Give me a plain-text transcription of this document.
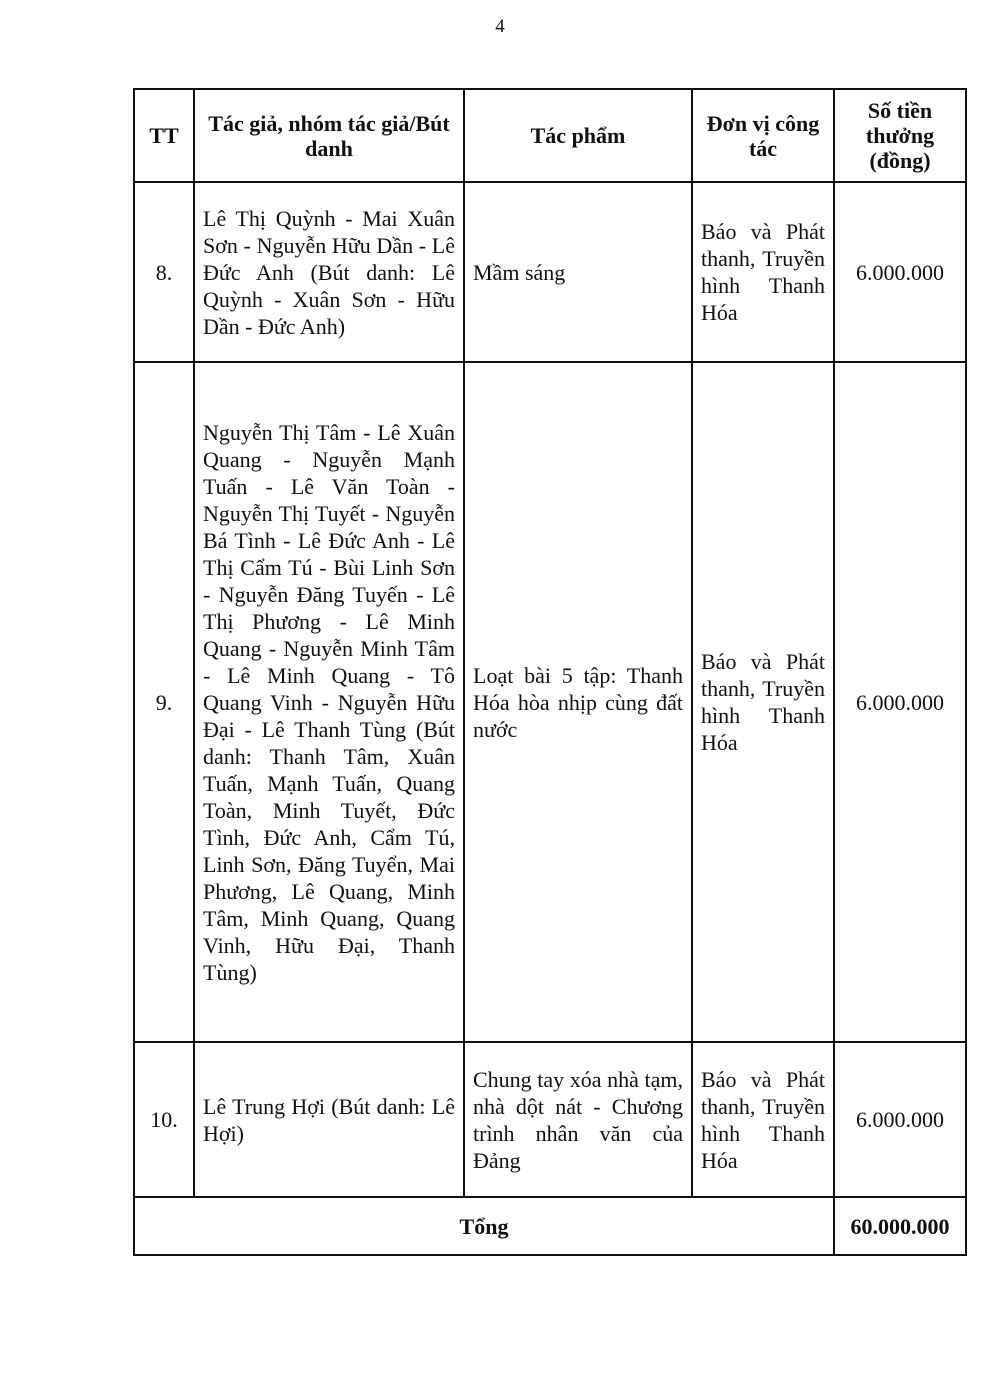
4
TT	Tác giả, nhóm tác giả/Bút danh	Tác phẩm	Đơn vị công tác	Số tiền thưởng (đồng)
8.	Lê Thị Quỳnh - Mai Xuân Sơn - Nguyễn Hữu Dần - Lê Đức Anh (Bút danh: Lê Quỳnh - Xuân Sơn - Hữu Dần - Đức Anh)	Mầm sáng	Báo và Phát thanh, Truyền hình Thanh Hóa	6.000.000
9.	Nguyễn Thị Tâm - Lê Xuân Quang - Nguyễn Mạnh Tuấn - Lê Văn Toàn - Nguyễn Thị Tuyết - Nguyễn Bá Tình - Lê Đức Anh - Lê Thị Cẩm Tú - Bùi Linh Sơn - Nguyễn Đăng Tuyến - Lê Thị Phương - Lê Minh Quang - Nguyễn Minh Tâm - Lê Minh Quang - Tô Quang Vinh - Nguyễn Hữu Đại - Lê Thanh Tùng (Bút danh: Thanh Tâm, Xuân Tuấn, Mạnh Tuấn, Quang Toàn, Minh Tuyết, Đức Tình, Đức Anh, Cẩm Tú, Linh Sơn, Đăng Tuyển, Mai Phương, Lê Quang, Minh Tâm, Minh Quang, Quang Vinh, Hữu Đại, Thanh Tùng)	Loạt bài 5 tập: Thanh Hóa hòa nhịp cùng đất nước	Báo và Phát thanh, Truyền hình Thanh Hóa	6.000.000
10.	Lê Trung Hợi (Bút danh: Lê Hợi)	Chung tay xóa nhà tạm, nhà dột nát - Chương trình nhân văn của Đảng	Báo và Phát thanh, Truyền hình Thanh Hóa	6.000.000
Tổng				60.000.000
